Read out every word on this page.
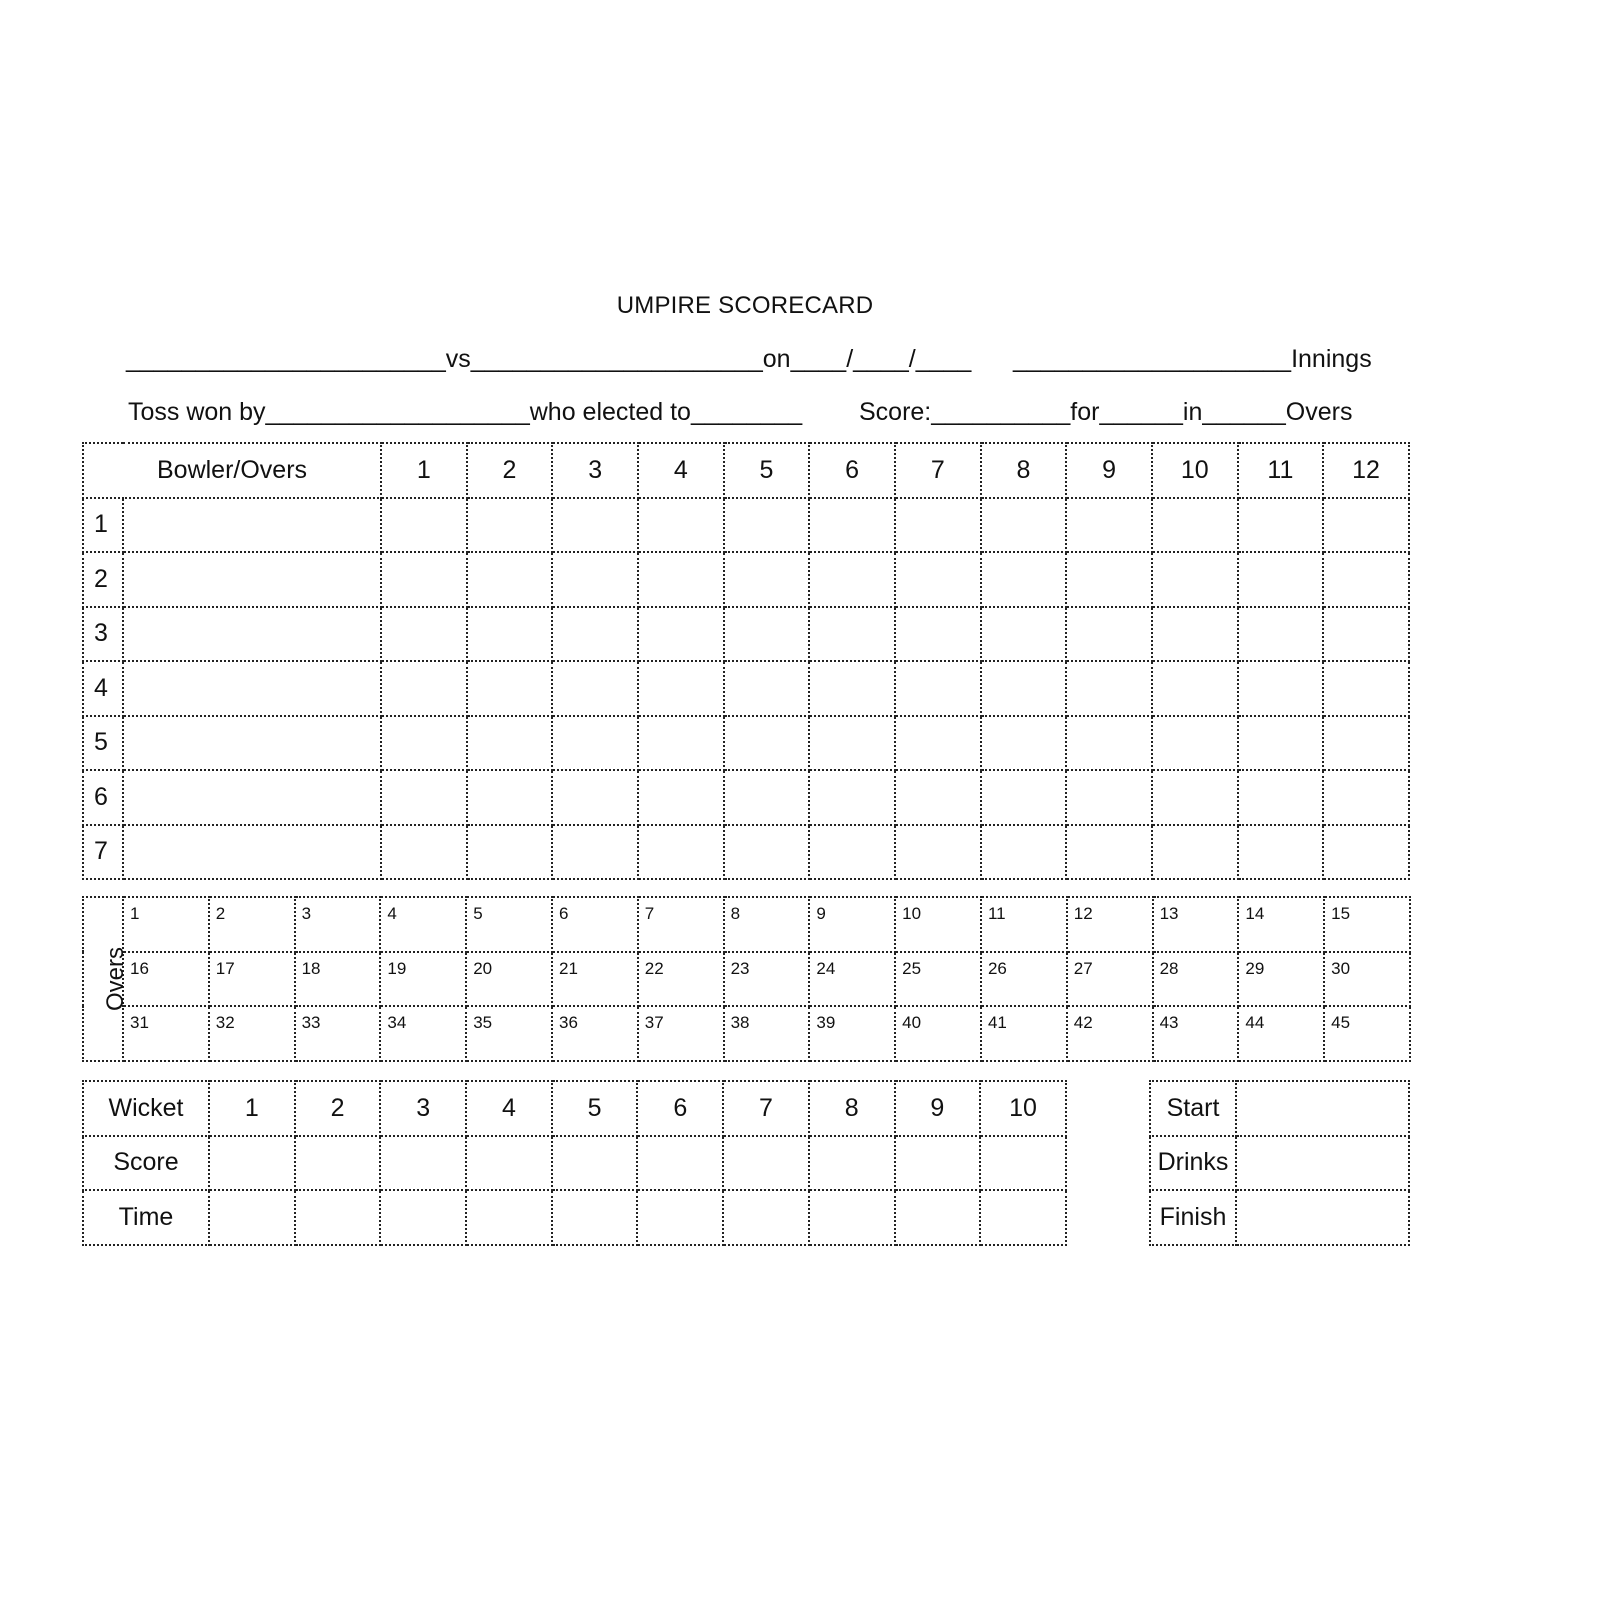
UMPIRE SCORECARD
_______________________vs_____________________on____/____/____ ____________________Innings
Toss won by___________________who elected to________ Score:__________for______in______Overs
Bowler/Overs		1	2	3	4	5	6	7	8	9	10	11	12
1													
2													
3													
4													
5													
6													
7													
Overs	1	2	3	4	5	6	7	8	9	10	11	12	13	14	15
	16	17	18	19	20	21	22	23	24	25	26	27	28	29	30
	31	32	33	34	35	36	37	38	39	40	41	42	43	44	45
Wicket	1	2	3	4	5	6	7	8	9	10
Score										
Time										
Start	
Drinks	
Finish	
